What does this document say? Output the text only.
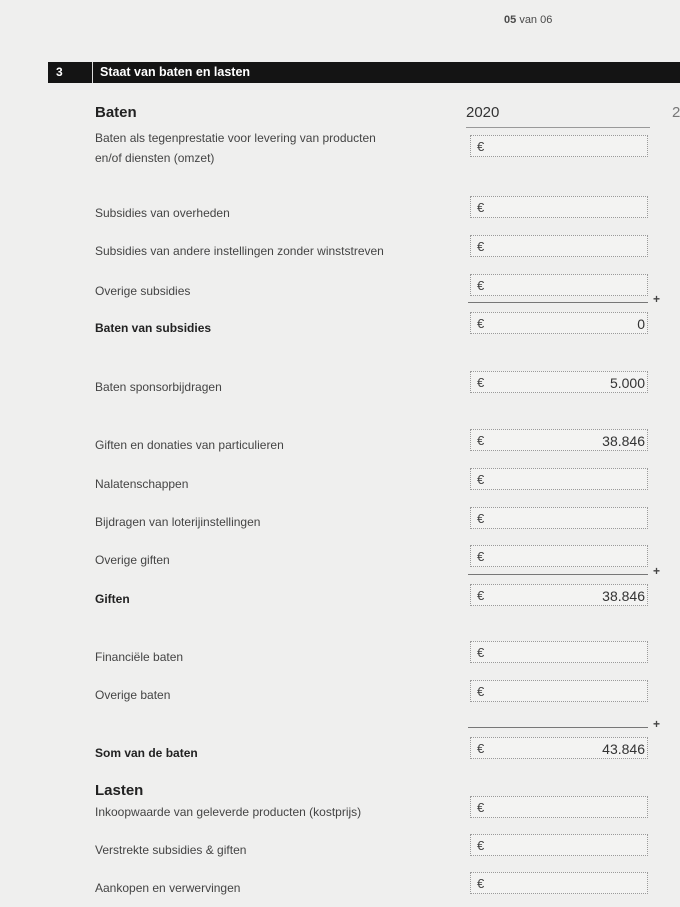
05 van 06
3	Staat van baten en lasten
Baten	2020	2
Baten als tegenprestatie voor levering van producten
en/of diensten (omzet)
€
Subsidies van overheden	€
Subsidies van andere instellingen zonder winststreven	€
Overige subsidies	€
+
Baten van subsidies	€	0
Baten sponsorbijdragen	€	5.000
Giften en donaties van particulieren	€	38.846
Nalatenschappen	€
Bijdragen van loterijinstellingen	€
Overige giften	€
+
Giften	€	38.846
Financiële baten	€
Overige baten	€
+
Som van de baten	€	43.846
Lasten
Inkoopwaarde van geleverde producten (kostprijs)	€
Verstrekte subsidies & giften	€
Aankopen en verwervingen	€
